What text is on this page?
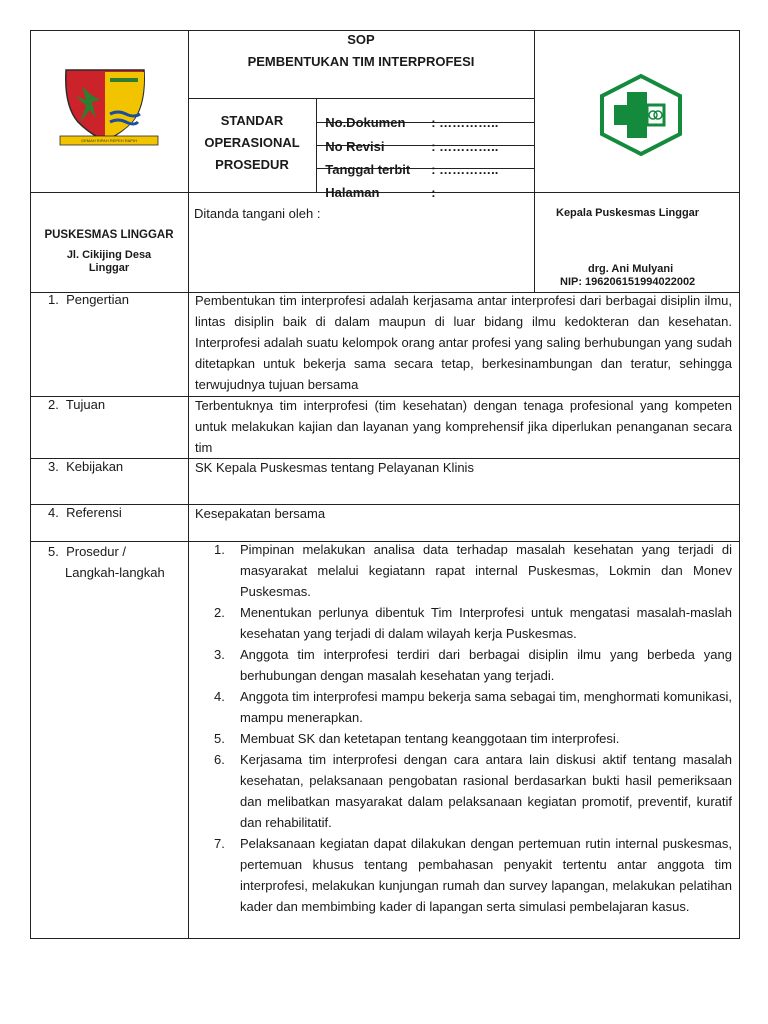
GEMAH RIPAH REPEH RAPIH
SOP
PEMBENTUKAN TIM INTERPROFESI
STANDAR
OPERASIONAL
PROSEDUR

No.Dokumen : …………..

No Revisi	: …………..

Tanggal terbit : …………..

Halaman	:

PUSKESMAS LINGGAR
Jl. Cikijing Desa Linggar
Ditanda tangani oleh :	Kepala Puskesmas Linggar
drg. Ani Mulyani
NIP: 196206151994022002
1.  Pengertian	Pembentukan tim interprofesi adalah kerjasama antar interprofesi dari berbagai disiplin ilmu, lintas disiplin baik di dalam maupun di luar bidang ilmu kedokteran dan kesehatan. Interprofesi adalah suatu kelompok orang antar profesi yang saling berhubungan yang sudah ditetapkan untuk bekerja sama secara tetap, berkesinambungan dan teratur, sehingga terwujudnya tujuan bersama
2.  Tujuan	Terbentuknya tim interprofesi (tim kesehatan) dengan tenaga profesional yang kompeten untuk melakukan kajian dan layanan yang komprehensif jika diperlukan penanganan secara tim
3.  Kebijakan	SK Kepala Puskesmas tentang Pelayanan Klinis
4.  Referensi	Kesepakatan bersama
5.  Prosedur /
Langkah-langkah
1. Pimpinan melakukan analisa data terhadap masalah kesehatan yang terjadi di masyarakat melalui kegiatann rapat internal Puskesmas, Lokmin dan Monev Puskesmas.
2. Menentukan perlunya dibentuk Tim Interprofesi untuk mengatasi masalah-maslah kesehatan yang terjadi di dalam wilayah kerja Puskesmas.
3. Anggota tim interprofesi terdiri dari berbagai disiplin ilmu yang berbeda yang berhubungan dengan masalah kesehatan yang terjadi.
4. Anggota tim interprofesi mampu bekerja sama sebagai tim, menghormati komunikasi, mampu menerapkan.
5. Membuat SK dan ketetapan tentang keanggotaan tim interprofesi.
6. Kerjasama tim interprofesi dengan cara antara lain diskusi aktif tentang masalah kesehatan, pelaksanaan pengobatan rasional berdasarkan bukti hasil pemeriksaan dan melibatkan masyarakat dalam pelaksanaan kegiatan promotif, preventif, kuratif dan rehabilitatif.
7. Pelaksanaan kegiatan dapat dilakukan dengan pertemuan rutin internal puskesmas, pertemuan khusus tentang pembahasan penyakit tertentu antar anggota tim interprofesi, melakukan kunjungan rumah dan survey lapangan, melakukan pelatihan kader dan membimbing kader di lapangan serta simulasi pembelajaran kasus.
